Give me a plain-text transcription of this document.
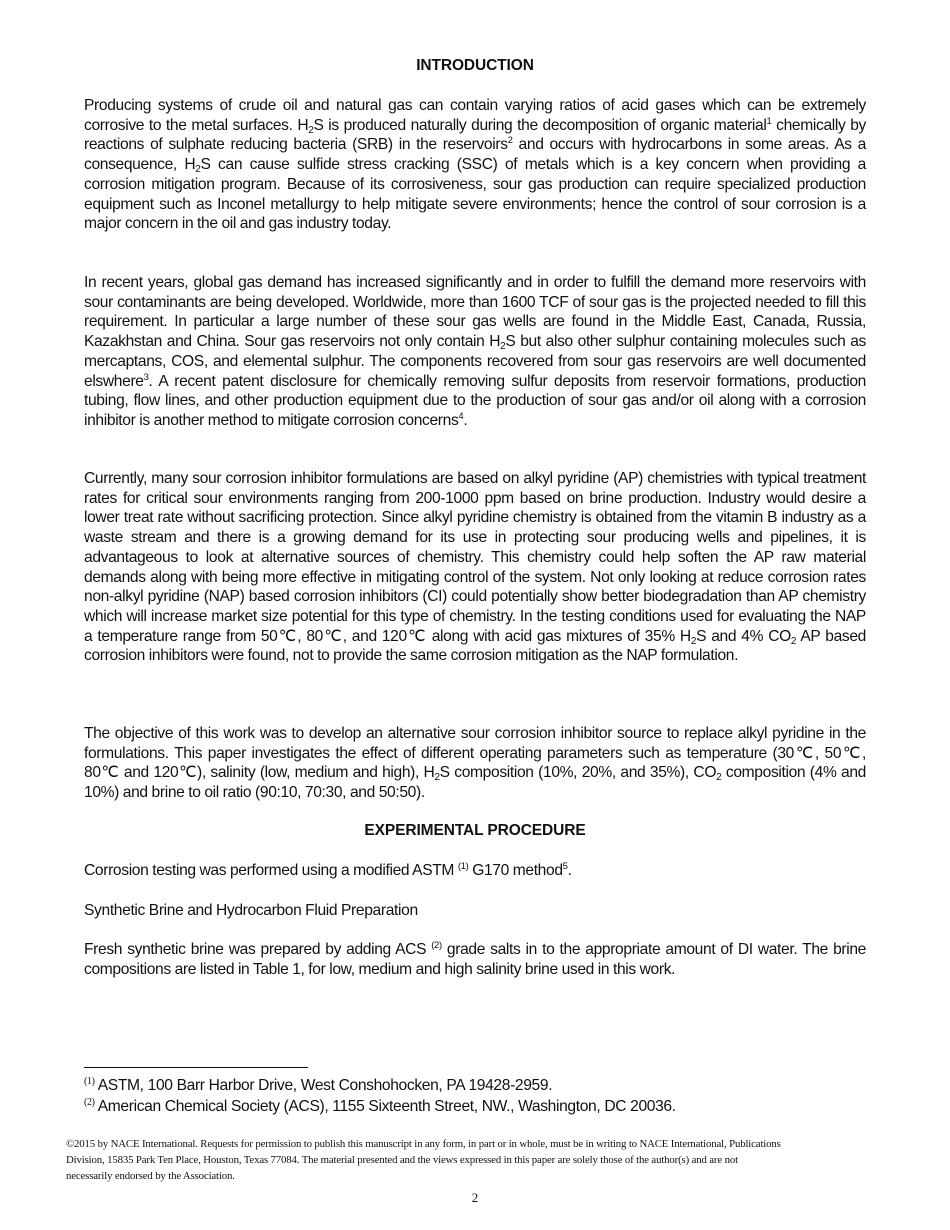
INTRODUCTION
Producing systems of crude oil and natural gas can contain varying ratios of acid gases which can be extremely corrosive to the metal surfaces. $H_2S$ is produced naturally during the decomposition of organic material$^1$ chemically by reactions of sulphate reducing bacteria (SRB) in the reservoirs$^2$ and occurs with hydrocarbons in some areas. As a consequence, $H_2S$ can cause sulfide stress cracking (SSC) of metals which is a key concern when providing a corrosion mitigation program. Because of its corrosiveness, sour gas production can require specialized production equipment such as Inconel metallurgy to help mitigate severe environments; hence the control of sour corrosion is a major concern in the oil and gas industry today.
In recent years, global gas demand has increased significantly and in order to fulfill the demand more reservoirs with sour contaminants are being developed. Worldwide, more than 1600 TCF of sour gas is the projected needed to fill this requirement. In particular a large number of these sour gas wells are found in the Middle East, Canada, Russia, Kazakhstan and China. Sour gas reservoirs not only contain $H_2S$ but also other sulphur containing molecules such as mercaptans, COS, and elemental sulphur. The components recovered from sour gas reservoirs are well documented elswhere$^3$. A recent patent disclosure for chemically removing sulfur deposits from reservoir formations, production tubing, flow lines, and other production equipment due to the production of sour gas and/or oil along with a corrosion inhibitor is another method to mitigate corrosion concerns$^4$.
Currently, many sour corrosion inhibitor formulations are based on alkyl pyridine (AP) chemistries with typical treatment rates for critical sour environments ranging from 200-1000 ppm based on brine production. Industry would desire a lower treat rate without sacrificing protection. Since alkyl pyridine chemistry is obtained from the vitamin B industry as a waste stream and there is a growing demand for its use in protecting sour producing wells and pipelines, it is advantageous to look at alternative sources of chemistry. This chemistry could help soften the AP raw material demands along with being more effective in mitigating control of the system. Not only looking at reduce corrosion rates non-alkyl pyridine (NAP) based corrosion inhibitors (CI) could potentially show better biodegradation than AP chemistry which will increase market size potential for this type of chemistry. In the testing conditions used for evaluating the NAP a temperature range from 50℃, 80℃, and 120℃ along with acid gas mixtures of 35% $H_2S$ and 4% $CO_2$ AP based corrosion inhibitors were found, not to provide the same corrosion mitigation as the NAP formulation.
The objective of this work was to develop an alternative sour corrosion inhibitor source to replace alkyl pyridine in the formulations. This paper investigates the effect of different operating parameters such as temperature (30℃, 50℃, 80℃ and 120℃), salinity (low, medium and high), $H_2S$ composition (10%, 20%, and 35%), $CO_2$ composition (4% and 10%) and brine to oil ratio (90:10, 70:30, and 50:50).
EXPERIMENTAL PROCEDURE
Corrosion testing was performed using a modified ASTM $^{(1)}$ G170 method$^5$.
Synthetic Brine and Hydrocarbon Fluid Preparation
Fresh synthetic brine was prepared by adding ACS $^{(2)}$ grade salts in to the appropriate amount of DI water. The brine compositions are listed in Table 1, for low, medium and high salinity brine used in this work.
$^{(1)}$ ASTM, 100 Barr Harbor Drive, West Conshohocken, PA 19428-2959.
$^{(2)}$ American Chemical Society (ACS), 1155 Sixteenth Street, NW., Washington, DC 20036.
©2015 by NACE International. Requests for permission to publish this manuscript in any form, in part or in whole, must be in writing to NACE International, Publications Division, 15835 Park Ten Place, Houston, Texas 77084. The material presented and the views expressed in this paper are solely those of the author(s) and are not necessarily endorsed by the Association.
2
